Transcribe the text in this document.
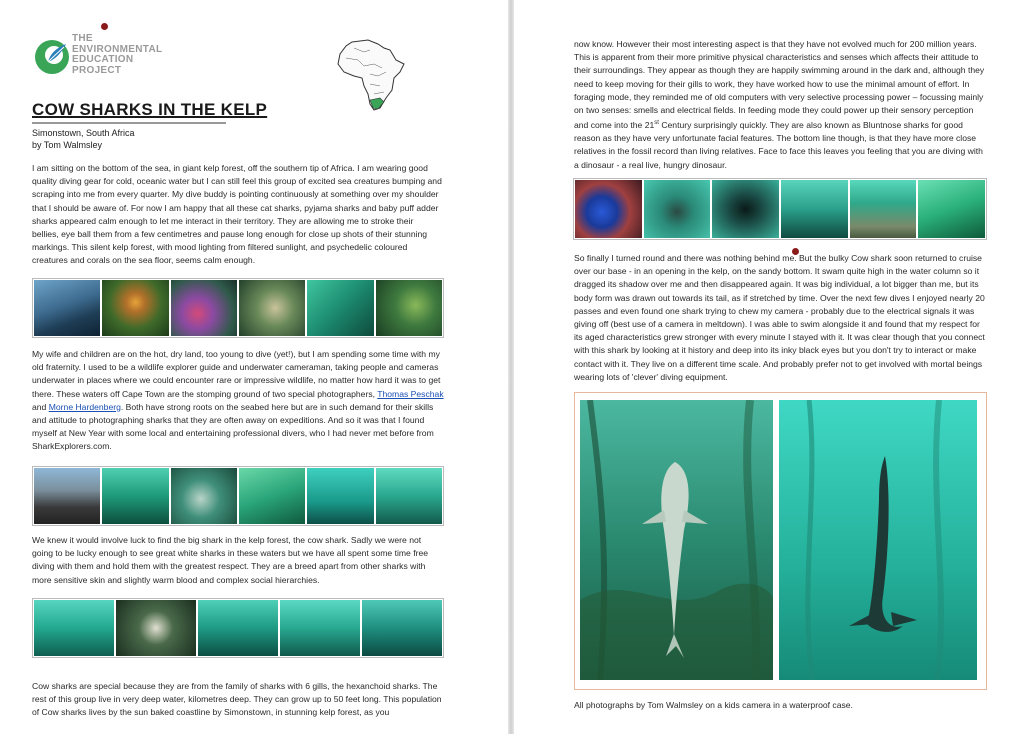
THE
ENVIRONMENTAL
EDUCATION
PROJECT
COW SHARKS IN THE KELP
Simonstown, South Africa
by Tom Walmsley

I am sitting on the bottom of the sea, in giant kelp forest, off the southern tip of Africa. I am wearing good quality diving gear for cold, oceanic water but I can still feel this group of excited sea creatures bumping and scraping into me from every quarter. My dive buddy is pointing continuously at something over my shoulder that I should be aware of. For now I am happy that all these cat sharks, pyjama sharks and baby puff adder sharks appeared calm enough to let me interact in their territory. They are allowing me to stroke their bellies, eye ball them from a few centimetres and pause long enough for close up shots of their stunning markings. This silent kelp forest, with mood lighting from filtered sunlight, and psychedelic coloured creatures and corals on the sea floor, seems calm enough.

My wife and children are on the hot, dry land, too young to dive (yet!), but I am spending some time with my old fraternity. I used to be a wildlife explorer guide and underwater cameraman, taking people and cameras underwater in places where we could encounter rare or impressive wildlife, no matter how hard it was to get there. These waters off Cape Town are the stomping ground of two special photographers, Thomas Peschak and Morne Hardenberg. Both have strong roots on the seabed here but are in such demand for their skills and attitude to photographing sharks that they are often away on expeditions. And so it was that I found myself at New Year with some local and entertaining professional divers, who I had never met before from SharkExplorers.com.

We knew it would involve luck to find the big shark in the kelp forest, the cow shark. Sadly we were not going to be lucky enough to see great white sharks in these waters but we have all spent some time free diving with them and hold them with the greatest respect. They are a breed apart from other sharks with more sensitive skin and slightly warm blood and complex social hierarchies.

Cow sharks are special because they are from the family of sharks with 6 gills, the hexanchoid sharks. The rest of this group live in very deep water, kilometres deep. They can grow up to 50 feet long. This population of Cow sharks lives by the sun baked coastline by Simonstown, in stunning kelp forest, as you

now know. However their most interesting aspect is that they have not evolved much for 200 million years. This is apparent from their more primitive physical characteristics and senses which affects their attitude to their surroundings. They appear as though they are happily swimming around in the dark and, although they need to keep moving for their gills to work, they have worked how to use the minimal amount of effort. In foraging mode, they reminded me of old computers with very selective processing power – focussing mainly on two senses: smells and electrical fields. In feeding mode they could power up their sensory perception and come into the 21st Century surprisingly quickly. They are also known as Bluntnose sharks for good reason as they have very unfortunate facial features. The bottom line though, is that they have more close relatives in the fossil record than living relatives. Face to face this leaves you feeling that you are diving with a dinosaur - a real live, hungry dinosaur.

So finally I turned round and there was nothing behind me. But the bulky Cow shark soon returned to cruise over our base - in an opening in the kelp, on the sandy bottom. It swam quite high in the water column so it dragged its shadow over me and then disappeared again. It was big individual, a lot bigger than me, but its body form was drawn out towards its tail, as if stretched by time. Over the next few dives I enjoyed nearly 20 passes and even found one shark trying to chew my camera - probably due to the electrical signals it was giving off (best use of a camera in meltdown). I was able to swim alongside it and found that my respect for its aged characteristics grew stronger with every minute I stayed with it. It was clear though that you connect with this shark by looking at it history and deep into its inky black eyes but you don't try to interact or make contact with it. They live on a different time scale. And probably prefer not to get involved with mortal beings wearing lots of 'clever' diving equipment.

All photographs by Tom Walmsley on a kids camera in a waterproof case.
